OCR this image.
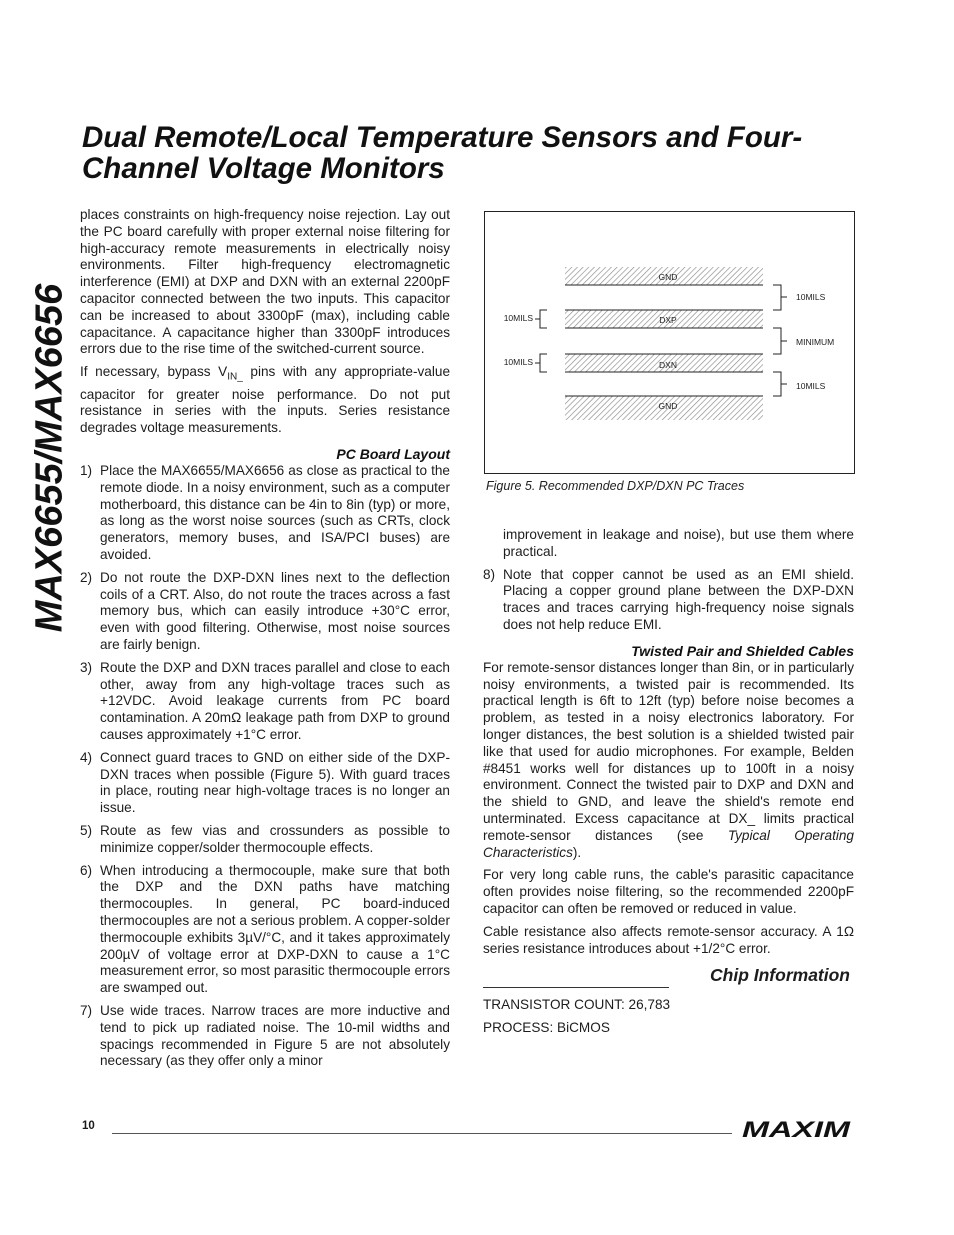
Dual Remote/Local Temperature Sensors and Four-Channel Voltage Monitors
MAX6655/MAX6656

places constraints on high-frequency noise rejection. Lay out the PC board carefully with proper external noise filtering for high-accuracy remote measurements in electrically noisy environments. Filter high-frequency electromagnetic interference (EMI) at DXP and DXN with an external 2200pF capacitor connected between the two inputs. This capacitor can be increased to about 3300pF (max), including cable capacitance. A capacitance higher than 3300pF introduces errors due to the rise time of the switched-current source.

If necessary, bypass $V_{IN\_}$ pins with any appropriate-value capacitor for greater noise performance. Do not put resistance in series with the inputs. Series resistance degrades voltage measurements.

PC Board Layout
1) Place the MAX6655/MAX6656 as close as practical to the remote diode. In a noisy environment, such as a computer motherboard, this distance can be 4in to 8in (typ) or more, as long as the worst noise sources (such as CRTs, clock generators, memory buses, and ISA/PCI buses) are avoided.
2) Do not route the DXP-DXN lines next to the deflection coils of a CRT. Also, do not route the traces across a fast memory bus, which can easily introduce +30°C error, even with good filtering. Otherwise, most noise sources are fairly benign.
3) Route the DXP and DXN traces parallel and close to each other, away from any high-voltage traces such as +12VDC. Avoid leakage currents from PC board contamination. A 20mΩ leakage path from DXP to ground causes approximately +1°C error.
4) Connect guard traces to GND on either side of the DXP-DXN traces when possible (Figure 5). With guard traces in place, routing near high-voltage traces is no longer an issue.
5) Route as few vias and crossunders as possible to minimize copper/solder thermocouple effects.
6) When introducing a thermocouple, make sure that both the DXP and the DXN paths have matching thermocouples. In general, PC board-induced thermocouples are not a serious problem. A copper-solder thermocouple exhibits 3µV/°C, and it takes approximately 200µV of voltage error at DXP-DXN to cause a 1°C measurement error, so most parasitic thermocouple errors are swamped out.
7) Use wide traces. Narrow traces are more inductive and tend to pick up radiated noise. The 10-mil widths and spacings recommended in Figure 5 are not absolutely necessary (as they offer only a minor
GND
DXP
DXN
GND
10MILS
10MILS
10MILS
MINIMUM
10MILS
Figure 5. Recommended DXP/DXN PC Traces
improvement in leakage and noise), but use them where practical.
8) Note that copper cannot be used as an EMI shield. Placing a copper ground plane between the DXP-DXN traces and traces carrying high-frequency noise signals does not help reduce EMI.
Twisted Pair and Shielded Cables

For remote-sensor distances longer than 8in, or in particularly noisy environments, a twisted pair is recommended. Its practical length is 6ft to 12ft (typ) before noise becomes a problem, as tested in a noisy electronics laboratory. For longer distances, the best solution is a shielded twisted pair like that used for audio microphones. For example, Belden #8451 works well for distances up to 100ft in a noisy environment. Connect the twisted pair to DXP and DXN and the shield to GND, and leave the shield's remote end unterminated. Excess capacitance at DX_ limits practical remote-sensor distances (see Typical Operating Characteristics).

For very long cable runs, the cable's parasitic capacitance often provides noise filtering, so the recommended 2200pF capacitor can often be removed or reduced in value.

Cable resistance also affects remote-sensor accuracy. A 1Ω series resistance introduces about +1/2°C error.

Chip Information

TRANSISTOR COUNT: 26,783

PROCESS: BiCMOS

10	MAXIM
